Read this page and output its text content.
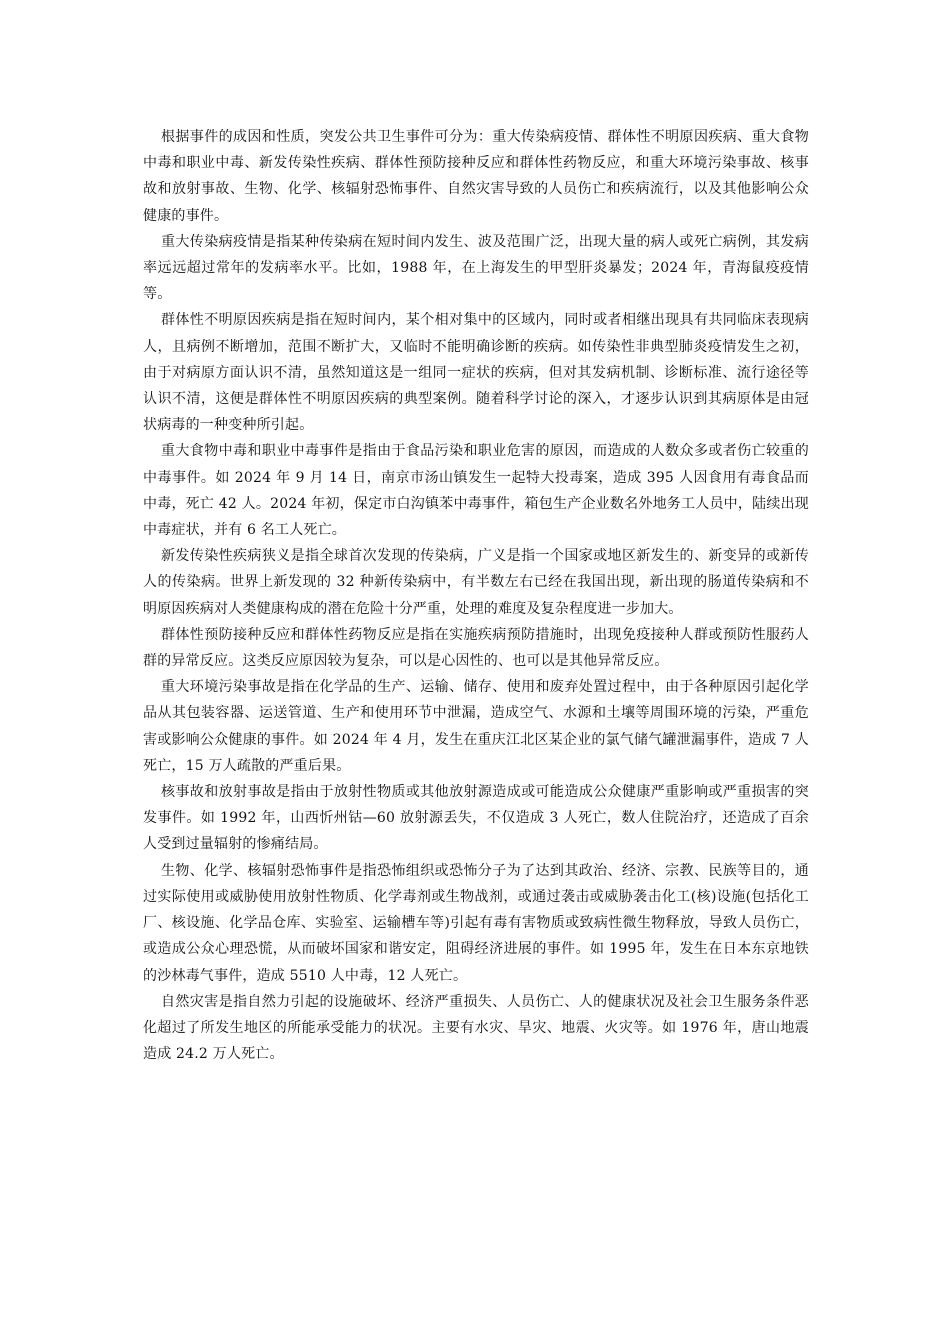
根据事件的成因和性质，突发公共卫生事件可分为：重大传染病疫情、群体性不明原因疾病、重大食物中毒和职业中毒、新发传染性疾病、群体性预防接种反应和群体性药物反应，和重大环境污染事故、核事故和放射事故、生物、化学、核辐射恐怖事件、自然灾害导致的人员伤亡和疾病流行，以及其他影响公众健康的事件。

重大传染病疫情是指某种传染病在短时间内发生、波及范围广泛，出现大量的病人或死亡病例，其发病率远远超过常年的发病率水平。比如，1988 年，在上海发生的甲型肝炎暴发；2024 年，青海鼠疫疫情等。

群体性不明原因疾病是指在短时间内，某个相对集中的区域内，同时或者相继出现具有共同临床表现病人，且病例不断增加，范围不断扩大，又临时不能明确诊断的疾病。如传染性非典型肺炎疫情发生之初，由于对病原方面认识不清，虽然知道这是一组同一症状的疾病，但对其发病机制、诊断标准、流行途径等认识不清，这便是群体性不明原因疾病的典型案例。随着科学讨论的深入，才逐步认识到其病原体是由冠状病毒的一种变种所引起。

重大食物中毒和职业中毒事件是指由于食品污染和职业危害的原因，而造成的人数众多或者伤亡较重的中毒事件。如 2024 年 9 月 14 日，南京市汤山镇发生一起特大投毒案，造成 395 人因食用有毒食品而中毒，死亡 42 人。2024 年初，保定市白沟镇苯中毒事件，箱包生产企业数名外地务工人员中，陆续出现中毒症状，并有 6 名工人死亡。

新发传染性疾病狭义是指全球首次发现的传染病，广义是指一个国家或地区新发生的、新变异的或新传人的传染病。世界上新发现的 32 种新传染病中，有半数左右已经在我国出现，新出现的肠道传染病和不明原因疾病对人类健康构成的潜在危险十分严重，处理的难度及复杂程度进一步加大。

群体性预防接种反应和群体性药物反应是指在实施疾病预防措施时，出现免疫接种人群或预防性服药人群的异常反应。这类反应原因较为复杂，可以是心因性的、也可以是其他异常反应。

重大环境污染事故是指在化学品的生产、运输、储存、使用和废弃处置过程中，由于各种原因引起化学品从其包装容器、运送管道、生产和使用环节中泄漏，造成空气、水源和土壤等周围环境的污染，严重危害或影响公众健康的事件。如 2024 年 4 月，发生在重庆江北区某企业的氯气储气罐泄漏事件，造成 7 人死亡，15 万人疏散的严重后果。

核事故和放射事故是指由于放射性物质或其他放射源造成或可能造成公众健康严重影响或严重损害的突发事件。如 1992 年，山西忻州钴—60 放射源丢失，不仅造成 3 人死亡，数人住院治疗，还造成了百余人受到过量辐射的惨痛结局。

生物、化学、核辐射恐怖事件是指恐怖组织或恐怖分子为了达到其政治、经济、宗教、民族等目的，通过实际使用或威胁使用放射性物质、化学毒剂或生物战剂，或通过袭击或威胁袭击化工(核)设施(包括化工厂、核设施、化学品仓库、实验室、运输槽车等)引起有毒有害物质或致病性微生物释放，导致人员伤亡，或造成公众心理恐慌，从而破坏国家和谐安定，阻碍经济进展的事件。如 1995 年，发生在日本东京地铁的沙林毒气事件，造成 5510 人中毒，12 人死亡。

自然灾害是指自然力引起的设施破坏、经济严重损失、人员伤亡、人的健康状况及社会卫生服务条件恶化超过了所发生地区的所能承受能力的状况。主要有水灾、旱灾、地震、火灾等。如 1976 年，唐山地震造成 24.2 万人死亡。
